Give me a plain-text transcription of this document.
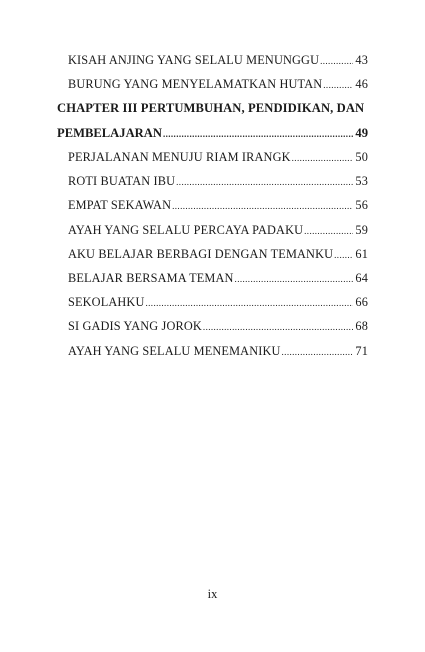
KISAH ANJING YANG SELALU MENUNGGU .....	43
BURUNG YANG MENYELAMATKAN HUTAN .....	46
CHAPTER III PERTUMBUHAN, PENDIDIKAN, DAN
PEMBELAJARAN .....	49
PERJALANAN MENUJU RIAM IRANGK .....	50
ROTI BUATAN IBU .....	53
EMPAT SEKAWAN .....	56
AYAH YANG SELALU PERCAYA PADAKU .....	59
AKU BELAJAR BERBAGI DENGAN TEMANKU ..... 61
BELAJAR BERSAMA TEMAN .....	64
SEKOLAHKU .....	66
SI GADIS YANG JOROK .....	68
AYAH YANG SELALU MENEMANIKU .....	71
ix
